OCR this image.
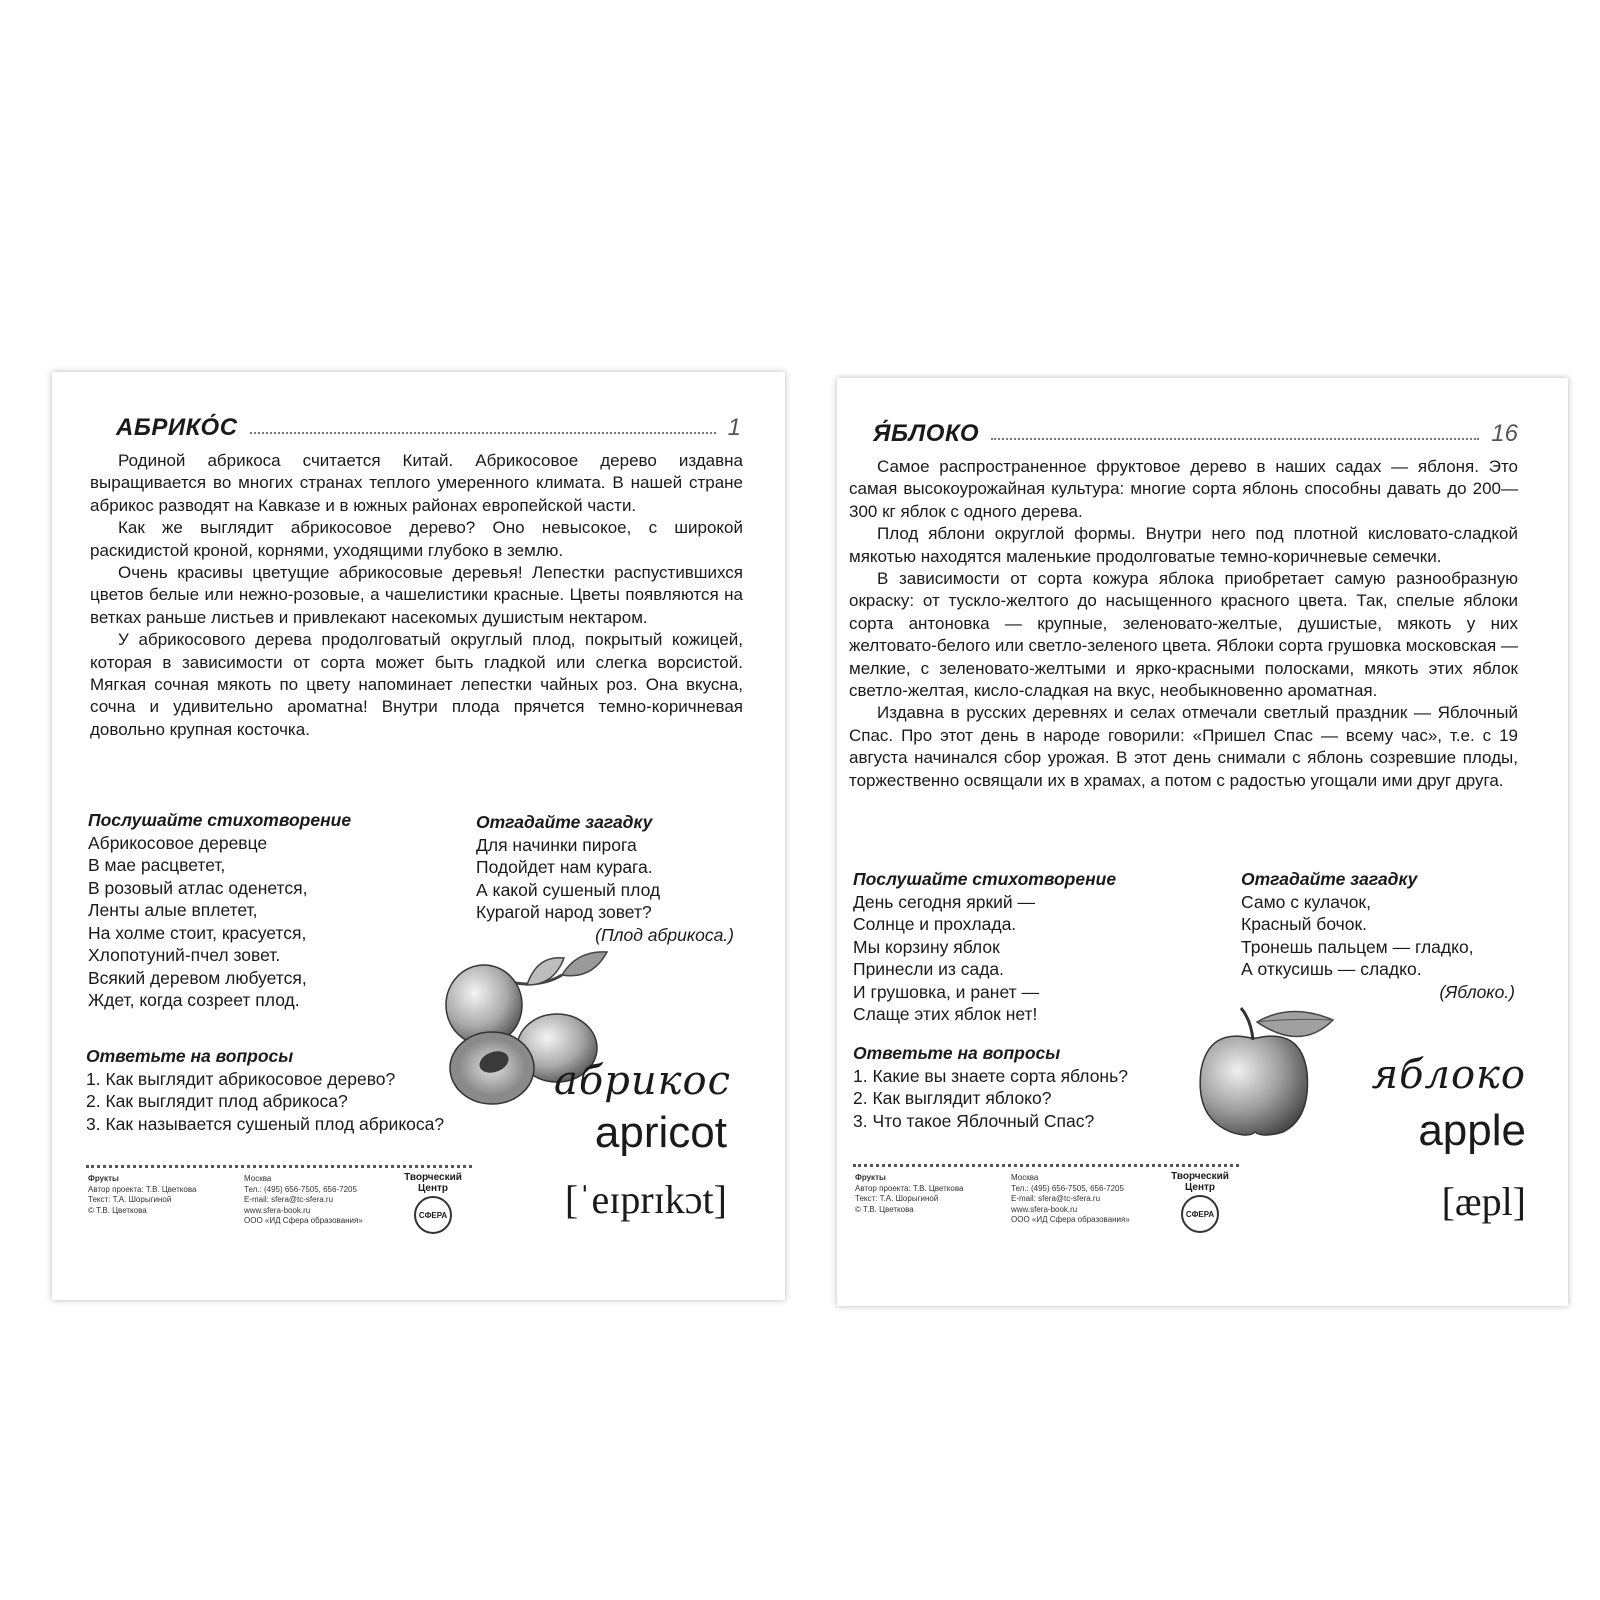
АБРИКО́С	1

Родиной абрикоса считается Китай. Абрикосовое дерево издавна выращивается во многих странах теплого умеренного климата. В нашей стране абрикос разводят на Кавказе и в южных районах европейской части.

Как же выглядит абрикосовое дерево? Оно невысокое, с широкой раскидистой кроной, корнями, уходящими глубоко в землю.

Очень красивы цветущие абрикосовые деревья! Лепестки распустившихся цветов белые или нежно-розовые, а чашелистики красные. Цветы появляются на ветках раньше листьев и привлекают насекомых душистым нектаром.

У абрикосового дерева продолговатый округлый плод, покрытый кожицей, которая в зависимости от сорта может быть гладкой или слегка ворсистой. Мягкая сочная мякоть по цвету напоминает лепестки чайных роз. Она вкусна, сочна и удивительно ароматна! Внутри плода прячется темно-коричневая довольно крупная косточка.

Послушайте стихотворение
Абрикосовое деревце
В мае расцветет,
В розовый атлас оденется,
Ленты алые вплетет,
На холме стоит, красуется,
Хлопотуний-пчел зовет.
Всякий деревом любуется,
Ждет, когда созреет плод.
Отгадайте загадку
Для начинки пирога
Подойдет нам курага.
А какой сушеный плод
Курагой народ зовет?
(Плод абрикоса.)
Ответьте на вопросы
1. Как выглядит абрикосовое дерево?
2. Как выглядит плод абрикоса?
3. Как называется сушеный плод абрикоса?
абрикос
apricot
[ˈeɪprɪkɔt]
Фрукты
Автор проекта: Т.В. Цветкова
Текст: Т.А. Шорыгиной
© Т.В. Цветкова
Москва
Тел.: (495) 656-7505, 656-7205
E-mail: sfera@tc-sfera.ru
www.sfera-book.ru
ООО «ИД Сфера образования»
Творческий Центр
СФЕРА
Я́БЛОКО	16

Самое распространенное фруктовое дерево в наших садах — яблоня. Это самая высокоурожайная культура: многие сорта яблонь способны давать до 200—300 кг яблок с одного дерева.

Плод яблони округлой формы. Внутри него под плотной кисловато-сладкой мякотью находятся маленькие продолговатые темно-коричневые семечки.

В зависимости от сорта кожура яблока приобретает самую разнообразную окраску: от тускло-желтого до насыщенного красного цвета. Так, спелые яблоки сорта антоновка — крупные, зеленовато-желтые, душистые, мякоть у них желтовато-белого или светло-зеленого цвета. Яблоки сорта грушовка московская — мелкие, с зеленовато-желтыми и ярко-красными полосками, мякоть этих яблок светло-желтая, кисло-сладкая на вкус, необыкновенно ароматная.

Издавна в русских деревнях и селах отмечали светлый праздник — Яблочный Спас. Про этот день в народе говорили: «Пришел Спас — всему час», т.е. с 19 августа начинался сбор урожая. В этот день снимали с яблонь созревшие плоды, торжественно освящали их в храмах, а потом с радостью угощали ими друг друга.

Послушайте стихотворение
День сегодня яркий —
Солнце и прохлада.
Мы корзину яблок
Принесли из сада.
И грушовка, и ранет —
Слаще этих яблок нет!
Отгадайте загадку
Само с кулачок,
Красный бочок.
Тронешь пальцем — гладко,
А откусишь — сладко.
(Яблоко.)
Ответьте на вопросы
1. Какие вы знаете сорта яблонь?
2. Как выглядит яблоко?
3. Что такое Яблочный Спас?
яблоко
apple
[æpl]
Фрукты
Автор проекта: Т.В. Цветкова
Текст: Т.А. Шорыгиной
© Т.В. Цветкова
Москва
Тел.: (495) 656-7505, 656-7205
E-mail: sfera@tc-sfera.ru
www.sfera-book.ru
ООО «ИД Сфера образования»
Творческий Центр
СФЕРА
